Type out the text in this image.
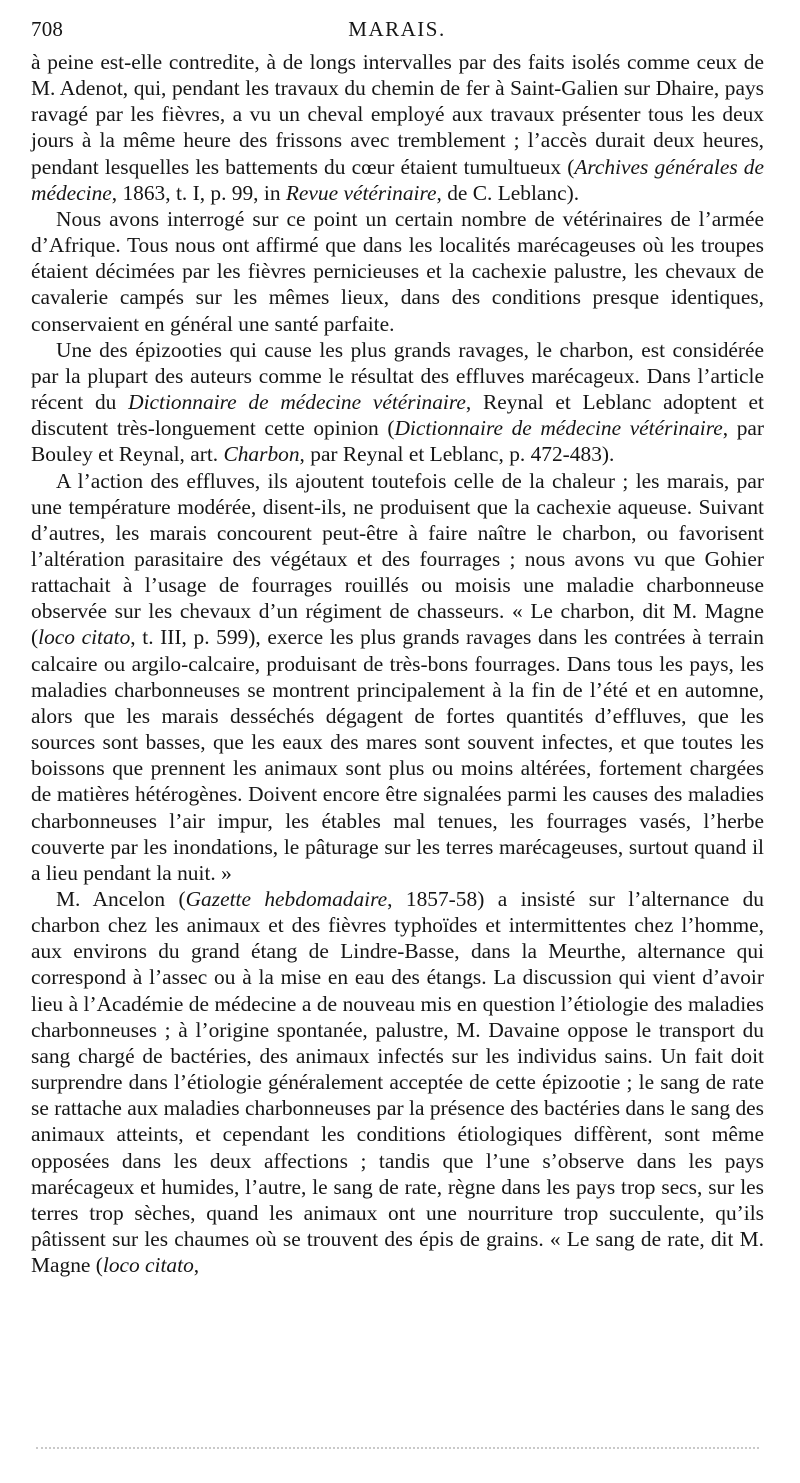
708	MARAIS.

à peine est-elle contredite, à de longs intervalles par des faits isolés comme ceux de M. Adenot, qui, pendant les travaux du chemin de fer à Saint-Galien sur Dhaire, pays ravagé par les fièvres, a vu un cheval employé aux travaux présenter tous les deux jours à la même heure des frissons avec tremblement ; l’accès durait deux heures, pendant lesquelles les battements du cœur étaient tumultueux (Archives générales de médecine, 1863, t. I, p. 99, in Revue vétérinaire, de C. Leblanc).

Nous avons interrogé sur ce point un certain nombre de vétérinaires de l’armée d’Afrique. Tous nous ont affirmé que dans les localités marécageuses où les troupes étaient décimées par les fièvres pernicieuses et la cachexie palustre, les chevaux de cavalerie campés sur les mêmes lieux, dans des conditions presque identiques, conservaient en général une santé parfaite.

Une des épizooties qui cause les plus grands ravages, le charbon, est considérée par la plupart des auteurs comme le résultat des effluves marécageux. Dans l’article récent du Dictionnaire de médecine vétérinaire, Reynal et Leblanc adoptent et discutent très-longuement cette opinion (Dictionnaire de médecine vétérinaire, par Bouley et Reynal, art. Charbon, par Reynal et Leblanc, p. 472-483).

A l’action des effluves, ils ajoutent toutefois celle de la chaleur ; les marais, par une température modérée, disent-ils, ne produisent que la cachexie aqueuse. Suivant d’autres, les marais concourent peut-être à faire naître le charbon, ou favorisent l’altération parasitaire des végétaux et des fourrages ; nous avons vu que Gohier rattachait à l’usage de fourrages rouillés ou moisis une maladie charbonneuse observée sur les chevaux d’un régiment de chasseurs. « Le charbon, dit M. Magne (loco citato, t. III, p. 599), exerce les plus grands ravages dans les contrées à terrain calcaire ou argilo-calcaire, produisant de très-bons fourrages. Dans tous les pays, les maladies charbonneuses se montrent principalement à la fin de l’été et en automne, alors que les marais desséchés dégagent de fortes quantités d’effluves, que les sources sont basses, que les eaux des mares sont souvent infectes, et que toutes les boissons que prennent les animaux sont plus ou moins altérées, fortement chargées de matières hétérogènes. Doivent encore être signalées parmi les causes des maladies charbonneuses l’air impur, les étables mal tenues, les fourrages vasés, l’herbe couverte par les inondations, le pâturage sur les terres marécageuses, surtout quand il a lieu pendant la nuit. »

M. Ancelon (Gazette hebdomadaire, 1857-58) a insisté sur l’alternance du charbon chez les animaux et des fièvres typhoïdes et intermittentes chez l’homme, aux environs du grand étang de Lindre-Basse, dans la Meurthe, alternance qui correspond à l’assec ou à la mise en eau des étangs. La discussion qui vient d’avoir lieu à l’Académie de médecine a de nouveau mis en question l’étiologie des maladies charbonneuses ; à l’origine spontanée, palustre, M. Davaine oppose le transport du sang chargé de bactéries, des animaux infectés sur les individus sains. Un fait doit surprendre dans l’étiologie généralement acceptée de cette épizootie ; le sang de rate se rattache aux maladies charbonneuses par la présence des bactéries dans le sang des animaux atteints, et cependant les conditions étiologiques diffèrent, sont même opposées dans les deux affections ; tandis que l’une s’observe dans les pays marécageux et humides, l’autre, le sang de rate, règne dans les pays trop secs, sur les terres trop sèches, quand les animaux ont une nourriture trop succulente, qu’ils pâtissent sur les chaumes où se trouvent des épis de grains. « Le sang de rate, dit M. Magne (loco citato,
